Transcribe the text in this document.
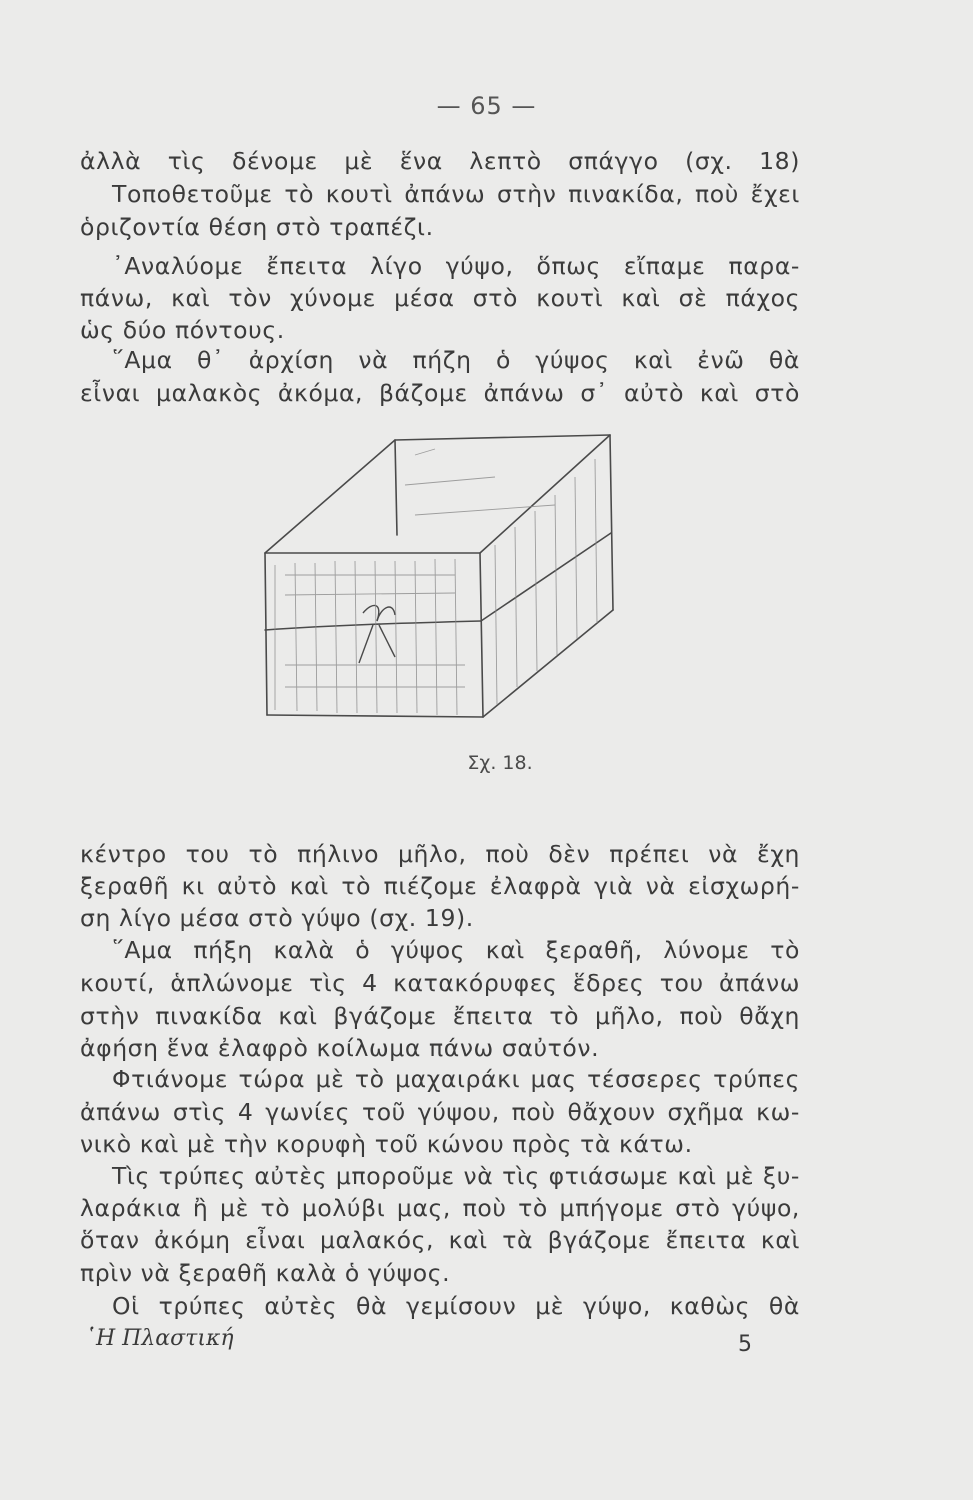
— 65 —
ἀλλὰ τὶς δένομε μὲ ἕνα λεπτὸ σπάγγο (σχ. 18)
Τοποθετοῦμε τὸ κουτὶ ἀπάνω στὴν πινακίδα, ποὺ ἔχει
ὁριζοντία θέση στὸ τραπέζι.
᾿Αναλύομε ἔπειτα λίγο γύψο, ὅπως εἴπαμε παρα-
πάνω, καὶ τὸν χύνομε μέσα στὸ κουτὶ καὶ σὲ πάχος
ὡς δύο πόντους.
῞Αμα θ᾿ ἀρχίση νὰ πήζη ὁ γύψος καὶ ἐνῶ θὰ
εἶναι μαλακὸς ἀκόμα, βάζομε ἀπάνω σ᾿ αὐτὸ καὶ στὸ
Σχ. 18.
κέντρο του τὸ πήλινο μῆλο, ποὺ δὲν πρέπει νὰ ἔχη
ξεραθῆ κι αὐτὸ καὶ τὸ πιέζομε ἐλαφρὰ γιὰ νὰ εἰσχωρή-
ση λίγο μέσα στὸ γύψο (σχ. 19).
῞Αμα πήξη καλὰ ὁ γύψος καὶ ξεραθῆ, λύνομε τὸ
κουτί, ἁπλώνομε τὶς 4 κατακόρυφες ἕδρες του ἀπάνω
στὴν πινακίδα καὶ βγάζομε ἔπειτα τὸ μῆλο, ποὺ θἄχη
ἀφήση ἕνα ἐλαφρὸ κοίλωμα πάνω σαὐτόν.
Φτιάνομε τώρα μὲ τὸ μαχαιράκι μας τέσσερες τρύπες
ἀπάνω στὶς 4 γωνίες τοῦ γύψου, ποὺ θἄχουν σχῆμα κω-
νικὸ καὶ μὲ τὴν κορυφὴ τοῦ κώνου πρὸς τὰ κάτω.
Τὶς τρύπες αὐτὲς μποροῦμε νὰ τὶς φτιάσωμε καὶ μὲ ξυ-
λαράκια ἢ μὲ τὸ μολύβι μας, ποὺ τὸ μπήγομε στὸ γύψο,
ὅταν ἀκόμη εἶναι μαλακός, καὶ τὰ βγάζομε ἔπειτα καὶ
πρὶν νὰ ξεραθῆ καλὰ ὁ γύψος.
Οἱ τρύπες αὐτὲς θὰ γεμίσουν μὲ γύψο, καθὼς θὰ
῾Η Πλαστική	5
